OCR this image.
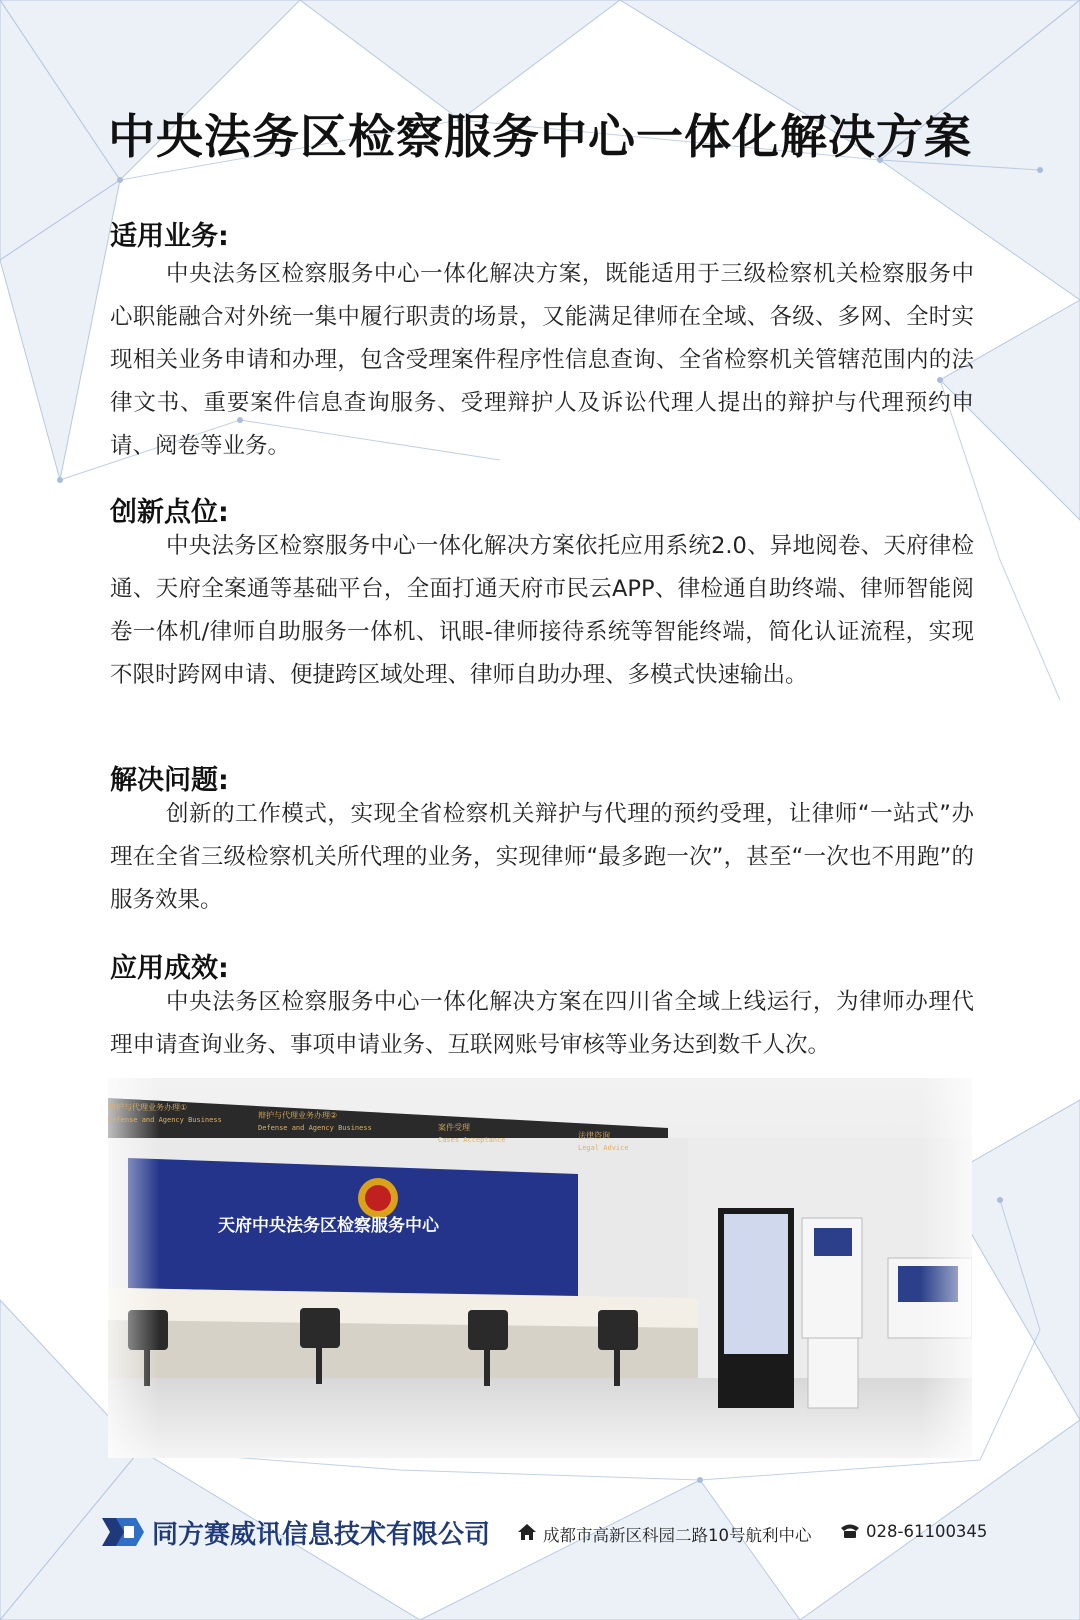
中央法务区检察服务中心一体化解决方案
适用业务:

中央法务区检察服务中心一体化解决方案，既能适用于三级检察机关检察服务中心职能融合对外统一集中履行职责的场景，又能满足律师在全域、各级、多网、全时实现相关业务申请和办理，包含受理案件程序性信息查询、全省检察机关管辖范围内的法律文书、重要案件信息查询服务、受理辩护人及诉讼代理人提出的辩护与代理预约申请、阅卷等业务。

创新点位:

中央法务区检察服务中心一体化解决方案依托应用系统2.0、异地阅卷、天府律检通、天府全案通等基础平台，全面打通天府市民云APP、律检通自助终端、律师智能阅卷一体机/律师自助服务一体机、讯眼-律师接待系统等智能终端，简化认证流程，实现不限时跨网申请、便捷跨区域处理、律师自助办理、多模式快速输出。

解决问题:

创新的工作模式，实现全省检察机关辩护与代理的预约受理，让律师“一站式”办理在全省三级检察机关所代理的业务，实现律师“最多跑一次”，甚至“一次也不用跑”的服务效果。

应用成效:

中央法务区检察服务中心一体化解决方案在四川省全域上线运行，为律师办理代理申请查询业务、事项申请业务、互联网账号审核等业务达到数千人次。

天府中央法务区检察服务中心
辩护与代理业务办理①
Defense and Agency Business	辩护与代理业务办理②
Defense and Agency Business	案件受理
Cases Acceptance	法律咨询
Legal Advice
同方赛威讯信息技术有限公司	成都市高新区科园二路10号航利中心	028-61100345
